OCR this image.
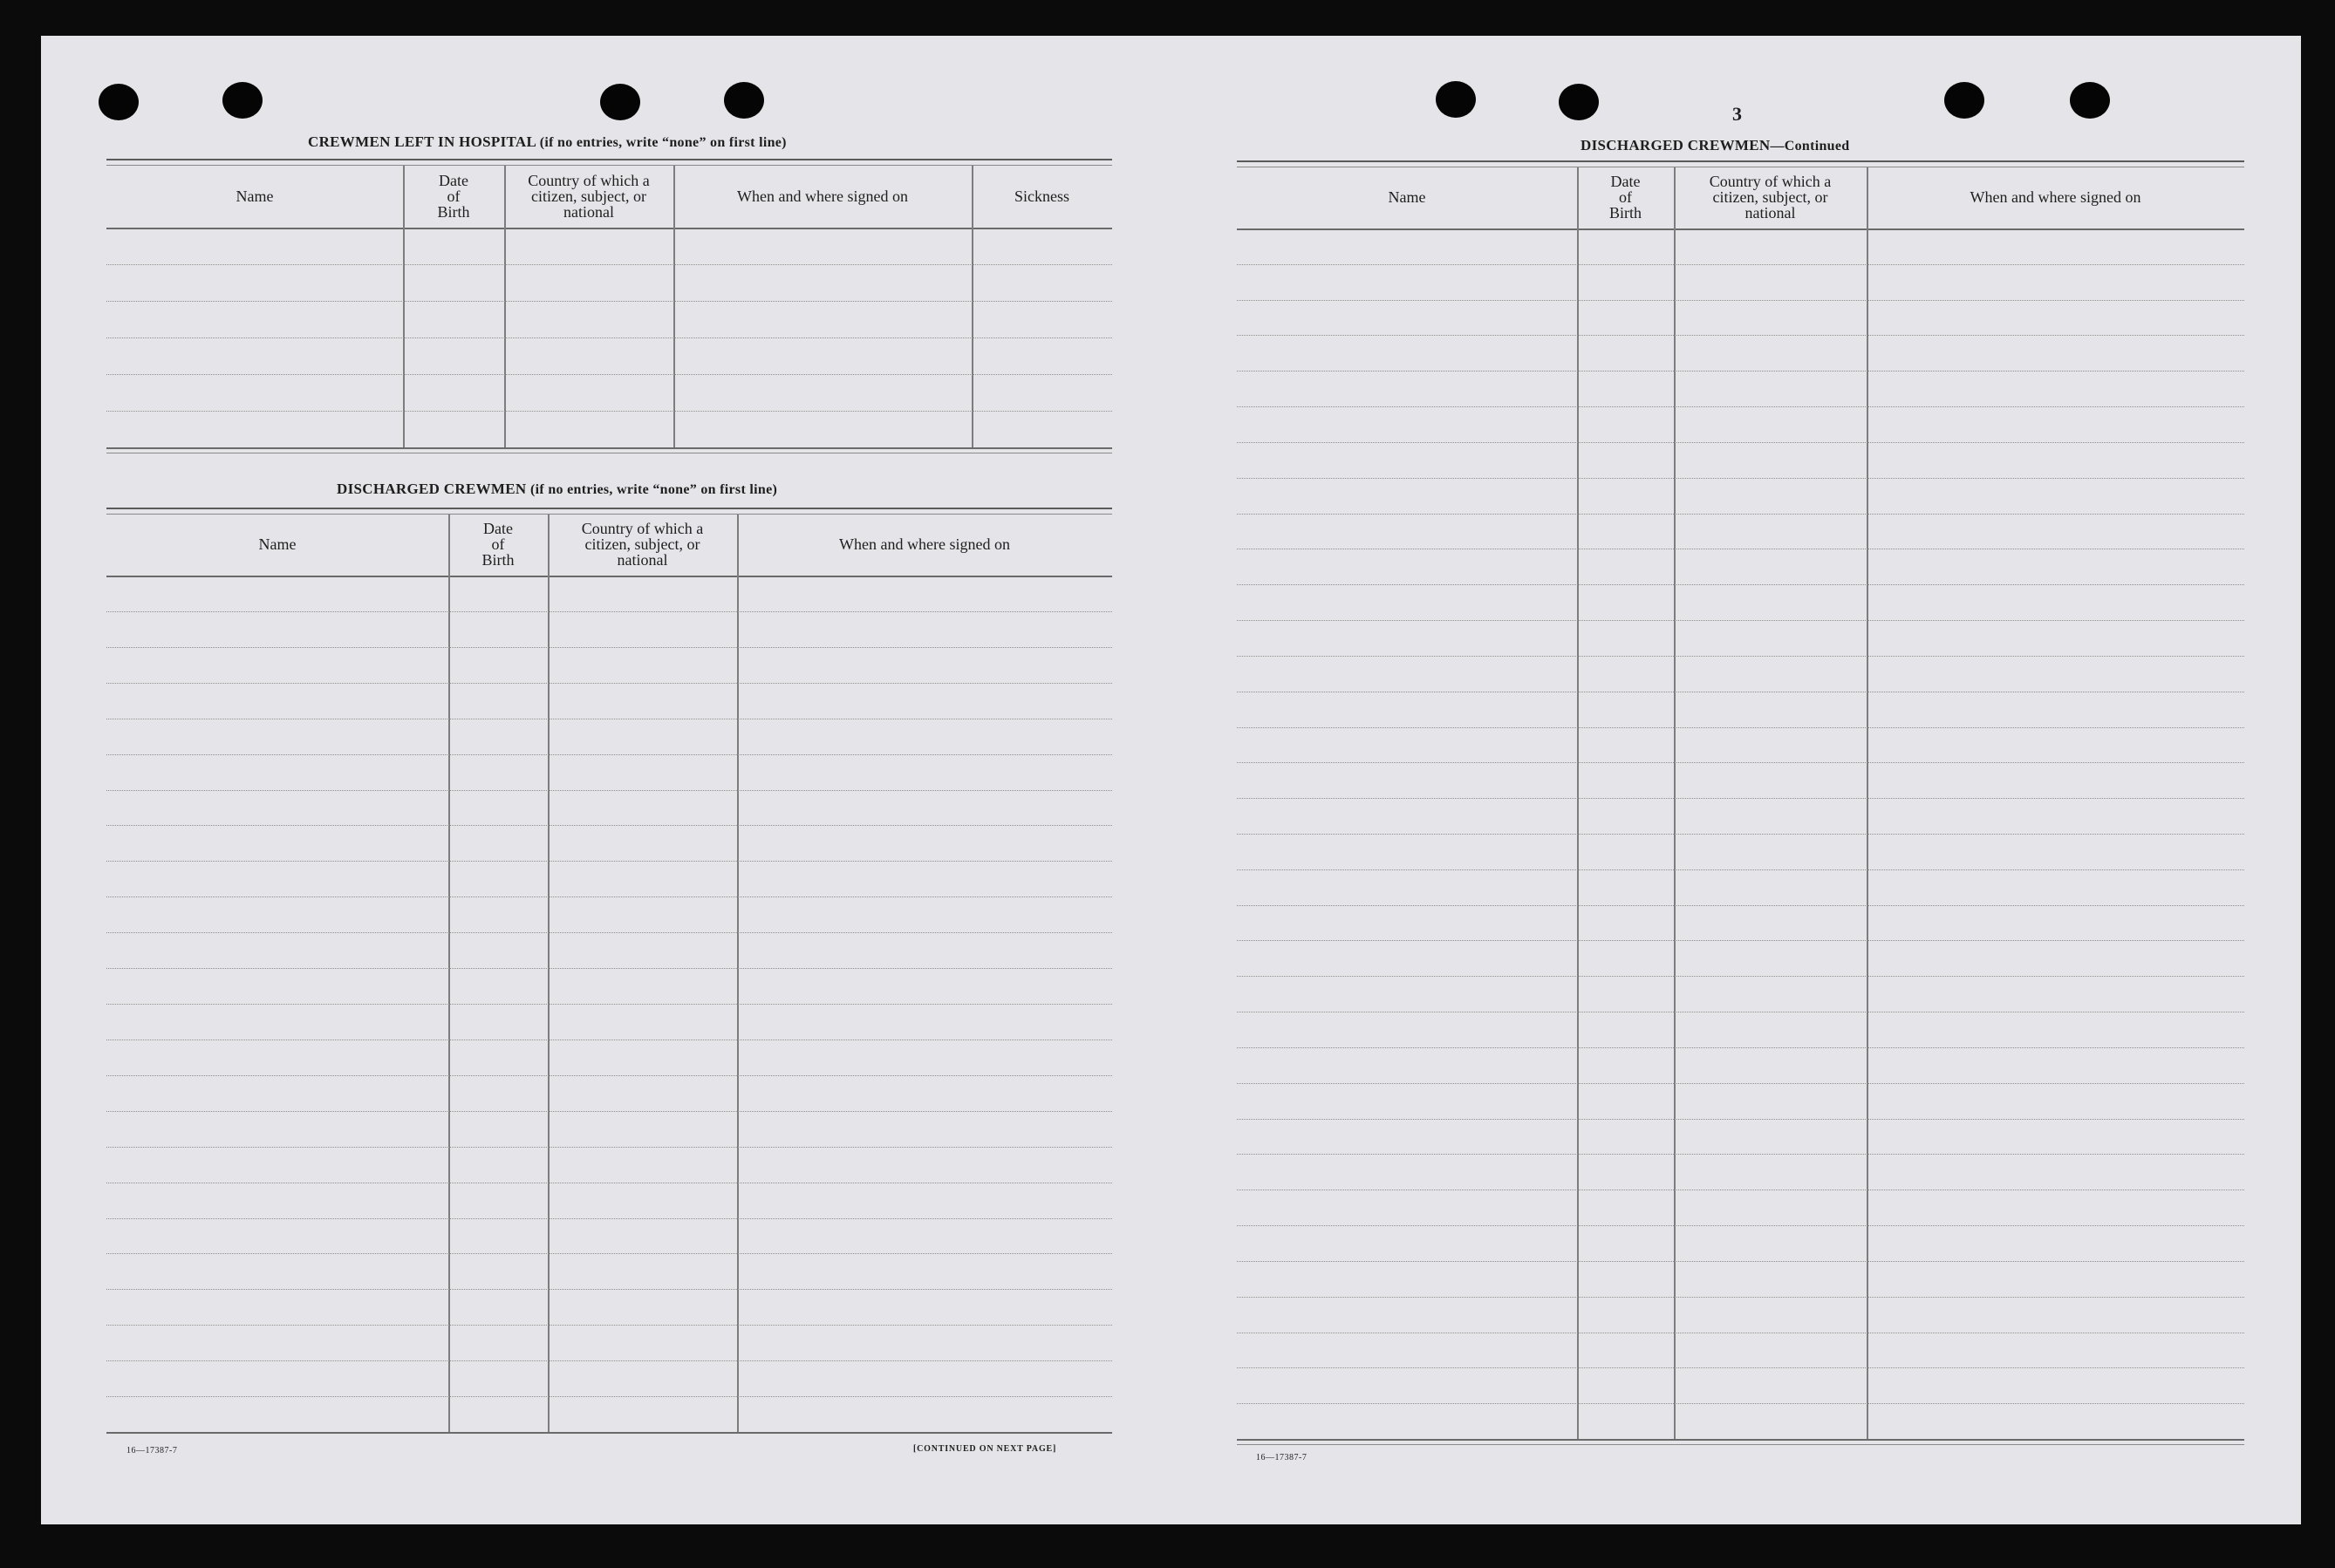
CREWMEN LEFT IN HOSPITAL (if no entries, write “none” on first line)
Name
Date
of
Birth
Country of which a
citizen, subject, or
national
When and where signed on	Sickness
DISCHARGED CREWMEN (if no entries, write “none” on first line)
Name
Date
of
Birth
Country of which a
citizen, subject, or
national
When and where signed on
16—17387-7	[CONTINUED ON NEXT PAGE]
3
DISCHARGED CREWMEN—Continued
Name
Date
of
Birth
Country of which a
citizen, subject, or
national
When and where signed on
16—17387-7
